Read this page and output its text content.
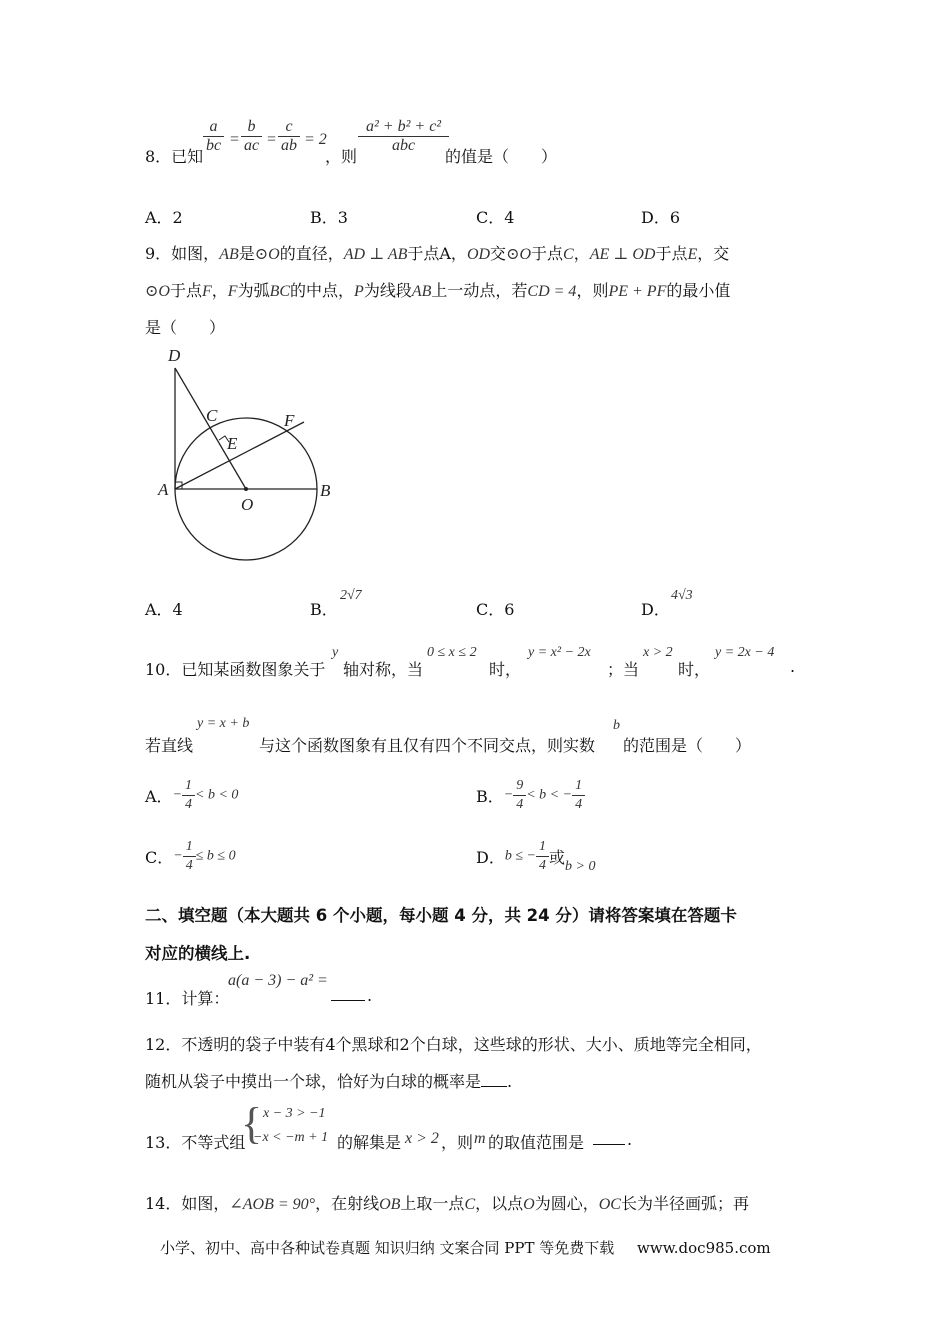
8．已知
$\frac{a}{bc} = \frac{b}{ac} = \frac{c}{ab} = 2$
，则
a² + b² + c²
abc
的值是（　　）
A．2	B．3	C．4	D．6
9．如图，AB是⊙O的直径，AD ⊥ AB于点A，OD交⊙O于点C，AE ⊥ OD于点E，交
⊙O于点F，F为弧BC的中点，P为线段AB上一动点，若CD = 4，则PE + PF的最小值
是（　　）
D
C	F
E
A
O
B
A．4	B．
2√7
C．6	D．
4√3
10．已知某函数图象关于
y
轴对称，当
0 ≤ x ≤ 2
时，
y = x² − 2x
；当
x > 2
时，
y = 2x − 4
.
若直线
y = x + b
与这个函数图象有且仅有四个不同交点，则实数
b
的范围是（　　）
A．− $\frac{1}{4} < b < 0$	B．− $\frac{9}{4} < b$ < − $\frac{1}{4}$
C．− $\frac{1}{4} \le b \le 0$	D．b ≤ − $\frac{1}{4}$ 或b > 0
二、填空题（本大题共 6 个小题，每小题 4 分，共 24 分）请将答案填在答题卡
对应的横线上.
11．计算：
a(a − 3) − a² =
.
12．不透明的袋子中装有4个黑球和2个白球，这些球的形状、大小、质地等完全相同，
随机从袋子中摸出一个球，恰好为白球的概率是 .
13．不等式组
{ x − 3 > −1
−x < −m + 1 的解集是 x > 2 ，则 m 的取值范围是	.
14．如图，∠AOB = 90°，在射线OB上取一点C，以点O为圆心，OC长为半径画弧；再
小学、初中、高中各种试卷真题 知识归纳 文案合同 PPT 等免费下载 www.doc985.com
